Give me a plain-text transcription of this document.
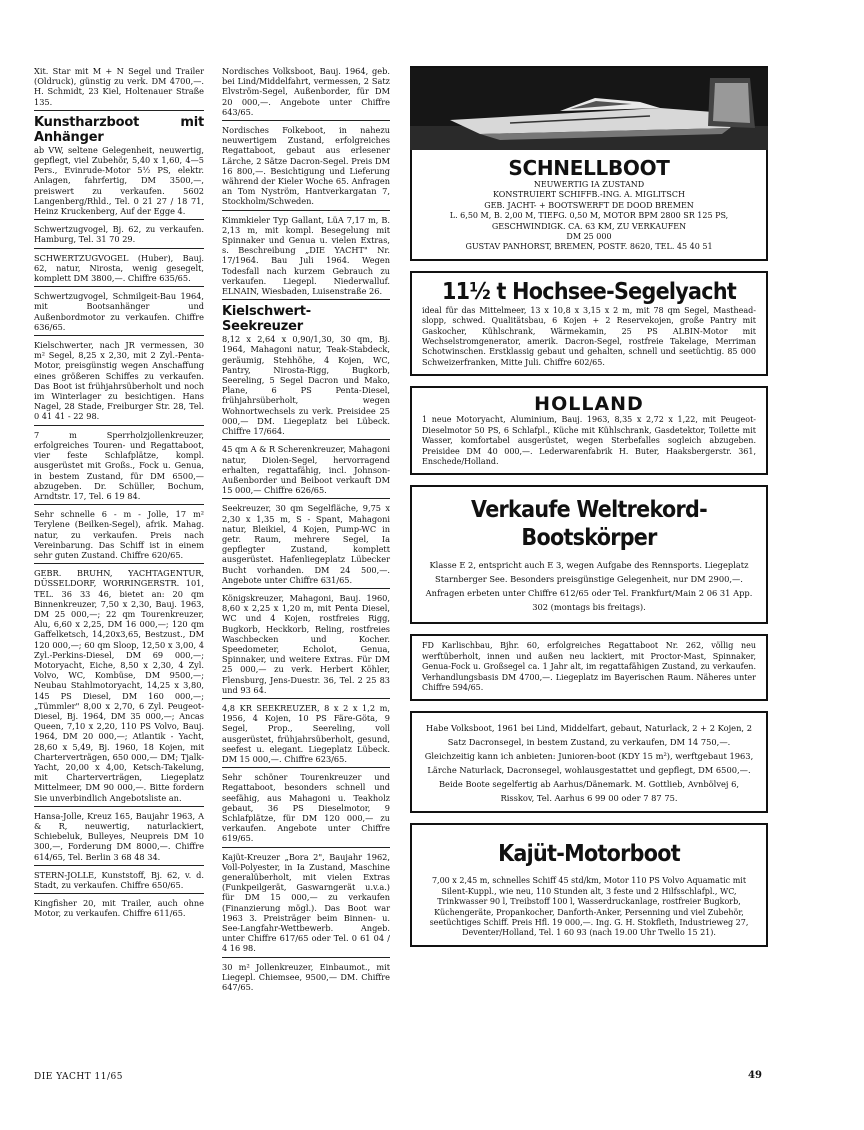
Xit. Star mit M + N Segel und Trailer (Oldruck), günstig zu verk. DM 4700,—. H. Schmidt, 23 Kiel, Holtenauer Straße 135.
Kunstharzboot mit Anhänger
ab VW, seltene Gelegenheit, neuwertig, gepflegt, viel Zubehör, 5,40 x 1,60, 4—5 Pers., Evinrude-Motor 5½ PS, elektr. Anlagen, fahrfertig, DM 3500,—, preiswert zu verkaufen. 5602 Langenberg/Rhld., Tel. 0 21 27 / 18 71, Heinz Kruckenberg, Auf der Egge 4.
Schwertzugvogel, Bj. 62, zu verkaufen. Hamburg, Tel. 31 70 29.
SCHWERTZUGVOGEL (Huber), Bauj. 62, natur, Nirosta, wenig gesegelt, komplett DM 3800,—. Chiffre 635/65.
Schwertzugvogel, Schmilgeit-Bau 1964, mit Bootsanhänger und Außenbordmotor zu verkaufen. Chiffre 636/65.
Kielschwerter, nach JR vermessen, 30 m² Segel, 8,25 x 2,30, mit 2 Zyl.-Penta-Motor, preisgünstig wegen Anschaffung eines größeren Schiffes zu verkaufen. Das Boot ist frühjahrsüberholt und noch im Winterlager zu besichtigen. Hans Nagel, 28 Stade, Freiburger Str. 28, Tel. 0 41 41 - 22 98.
7 m Sperrholzjollenkreuzer, erfolgreiches Touren- und Regattaboot, vier feste Schlafplätze, kompl. ausgerüstet mit Großs., Fock u. Genua, in bestem Zustand, für DM 6500,— abzugeben. Dr. Schüller, Bochum, Arndtstr. 17, Tel. 6 19 84.
Sehr schnelle 6 - m - Jolle, 17 m² Terylene (Beilken-Segel), afrik. Mahag. natur, zu verkaufen. Preis nach Vereinbarung. Das Schiff ist in einem sehr guten Zustand. Chiffre 620/65.
GEBR. BRUHN, YACHTAGENTUR, DÜSSELDORF, WORRINGERSTR. 101, TEL. 36 33 46, bietet an: 20 qm Binnenkreuzer, 7,50 x 2,30, Bauj. 1963, DM 25 000,—; 22 qm Tourenkreuzer, Alu, 6,60 x 2,25, DM 16 000,—; 120 qm Gaffelketsch, 14,20x3,65, Bestzust., DM 120 000,—; 60 qm Sloop, 12,50 x 3,00, 4 Zyl.-Perkins-Diesel, DM 69 000,—; Motoryacht, Eiche, 8,50 x 2,30, 4 Zyl. Volvo, WC, Kombüse, DM 9500,—; Neubau Stahlmotoryacht, 14,25 x 3,80, 145 PS Diesel, DM 160 000,—; „Tümmler" 8,00 x 2,70, 6 Zyl. Peugeot-Diesel, Bj. 1964, DM 35 000,—; Ancas Queen, 7,10 x 2,20, 110 PS Volvo, Bauj. 1964, DM 20 000,—; Atlantik - Yacht, 28,60 x 5,49, Bj. 1960, 18 Kojen, mit Charterverträgen, 650 000,— DM; Tjalk-Yacht, 20,00 x 4,00, Ketsch-Takelung, mit Charterverträgen, Liegeplatz Mittelmeer, DM 90 000,—. Bitte fordern Sie unverbindlich Angebotsliste an.
Hansa-Jolle, Kreuz 165, Baujahr 1963, A & R, neuwertig, naturlackiert, Schiebeluk, Bulleyes, Neupreis DM 10 300,—, Forderung DM 8000,—. Chiffre 614/65, Tel. Berlin 3 68 48 34.
STERN-JOLLE, Kunststoff, Bj. 62, v. d. Stadt, zu verkaufen. Chiffre 650/65.
Kingfisher 20, mit Trailer, auch ohne Motor, zu verkaufen. Chiffre 611/65.
Nordisches Volksboot, Bauj. 1964, geb. bei Lind/Middelfahrt, vermessen, 2 Satz Elvström-Segel, Außenborder, für DM 20 000,—. Angebote unter Chiffre 643/65.
Nordisches Folkeboot, in nahezu neuwertigem Zustand, erfolgreiches Regattaboot, gebaut aus erlesener Lärche, 2 Sätze Dacron-Segel. Preis DM 16 800,—. Besichtigung und Lieferung während der Kieler Woche 65. Anfragen an Tom Nyström, Hantverkargatan 7, Stockholm/Schweden.
Kimmkieler Typ Gallant, LüA 7,17 m, B. 2,13 m, mit kompl. Besegelung mit Spinnaker und Genua u. vielen Extras, s. Beschreibung „DIE YACHT" Nr. 17/1964. Bau Juli 1964. Wegen Todesfall nach kurzem Gebrauch zu verkaufen. Liegepl. Niederwalluf. ELNAIN, Wiesbaden, Luisenstraße 26.
Kielschwert-Seekreuzer
8,12 x 2,64 x 0,90/1,30, 30 qm, Bj. 1964, Mahagoni natur, Teak-Stabdeck, geräumig, Stehhöhe, 4 Kojen, WC, Pantry, Nirosta-Rigg, Bugkorb, Seereling, 5 Segel Dacron und Mako, Plane, 6 PS Penta-Diesel, frühjahrsüberholt, wegen Wohnortwechsels zu verk. Preisidee 25 000,— DM. Liegeplatz bei Lübeck. Chiffre 17/664.
45 qm A & R Scherenkreuzer, Mahagoni natur, Diolen-Segel, hervorragend erhalten, regattafähig, incl. Johnson-Außenborder und Beiboot verkauft DM 15 000,— Chiffre 626/65.
Seekreuzer, 30 qm Segelfläche, 9,75 x 2,30 x 1,35 m, S - Spant, Mahagoni natur, Bleikiel, 4 Kojen, Pump-WC in getr. Raum, mehrere Segel, Ia gepflegter Zustand, komplett ausgerüstet. Hafenliegeplatz Lübecker Bucht vorhanden. DM 24 500,—. Angebote unter Chiffre 631/65.
Königskreuzer, Mahagoni, Bauj. 1960, 8,60 x 2,25 x 1,20 m, mit Penta Diesel, WC und 4 Kojen, rostfreies Rigg, Bugkorb, Heckkorb, Reling, rostfreies Waschbecken und Kocher. Speedometer, Echolot, Genua, Spinnaker, und weitere Extras. Für DM 25 000,— zu verk. Herbert Köhler, Flensburg, Jens-Duestr. 36, Tel. 2 25 83 und 93 64.
4,8 KR SEEKREUZER, 8 x 2 x 1,2 m, 1956, 4 Kojen, 10 PS Färe-Göta, 9 Segel, Prop., Seereling, voll ausgerüstet, frühjahrsüberholt, gesund, seefest u. elegant. Liegeplatz Lübeck. DM 15 000,—. Chiffre 623/65.
Sehr schöner Tourenkreuzer und Regattaboot, besonders schnell und seefähig, aus Mahagoni u. Teakholz gebaut, 36 PS Dieselmotor, 9 Schlafplätze, für DM 120 000,— zu verkaufen. Angebote unter Chiffre 619/65.
Kajüt-Kreuzer „Bora 2", Baujahr 1962, Voll-Polyester, in Ia Zustand, Maschine generalüberholt, mit vielen Extras (Funkpeilgerät, Gaswarngerät u.v.a.) für DM 15 000,— zu verkaufen (Finanzierung mögl.). Das Boot war 1963 3. Preisträger beim Binnen- u. See-Langfahr-Wettbewerb. Angeb. unter Chiffre 617/65 oder Tel. 0 61 04 / 4 16 98.
30 m² Jollenkreuzer, Einbaumot., mit Liegepl. Chiemsee, 9500,— DM. Chiffre 647/65.
SCHNELLBOOT
NEUWERTIG IA ZUSTAND
KONSTRUIERT SCHIFFB.-ING. A. MIGLITSCH
GEB. JACHT- + BOOTSWERFT DE DOOD BREMEN
L. 6,50 M, B. 2,00 M, TIEFG. 0,50 M, MOTOR BPM 2800 SR 125 PS, GESCHWINDIGK. CA. 63 KM, ZU VERKAUFEN
DM 25 000
GUSTAV PANHORST, BREMEN, POSTF. 8620, TEL. 45 40 51
11½ t Hochsee-Segelyacht
ideal für das Mittelmeer, 13 x 10,8 x 3,15 x 2 m, mit 78 qm Segel, Masthead-slopp, schwed. Qualitätsbau, 6 Kojen + 2 Reservekojen, große Pantry mit Gaskocher, Kühlschrank, Wärmekamin, 25 PS ALBIN-Motor mit Wechselstromgenerator, amerik. Dacron-Segel, rostfreie Takelage, Merriman Schotwinschen. Erstklassig gebaut und gehalten, schnell und seetüchtig. 85 000 Schweizerfranken, Mitte Juli. Chiffre 602/65.
HOLLAND
1 neue Motoryacht, Aluminium, Bauj. 1963, 8,35 x 2,72 x 1,22, mit Peugeot-Dieselmotor 50 PS, 6 Schlafpl., Küche mit Kühlschrank, Gasdetektor, Toilette mit Wasser, komfortabel ausgerüstet, wegen Sterbefalles sogleich abzugeben. Preisidee DM 40 000,—. Lederwarenfabrik H. Buter, Haaksbergerstr. 361, Enschede/Holland.
Verkaufe Weltrekord-Bootskörper
Klasse E 2, entspricht auch E 3, wegen Aufgabe des Rennsports. Liegeplatz Starnberger See. Besonders preisgünstige Gelegenheit, nur DM 2900,—. Anfragen erbeten unter Chiffre 612/65 oder Tel. Frankfurt/Main 2 06 31 App. 302 (montags bis freitags).
FD Karlischbau, Bjhr. 60, erfolgreiches Regattaboot Nr. 262, völlig neu werftüberholt, innen und außen neu lackiert, mit Proctor-Mast, Spinnaker, Genua-Fock u. Großsegel ca. 1 Jahr alt, im regattafähigen Zustand, zu verkaufen. Verhandlungsbasis DM 4700,—. Liegeplatz im Bayerischen Raum. Näheres unter Chiffre 594/65.
Habe Volksboot, 1961 bei Lind, Middelfart, gebaut, Naturlack, 2 + 2 Kojen, 2 Satz Dacronsegel, in bestem Zustand, zu verkaufen, DM 14 750,—. Gleichzeitig kann ich anbieten: Junioren-boot (KDY 15 m²), werftgebaut 1963, Lärche Naturlack, Dacronsegel, wohlausgestattet und gepflegt, DM 6500,—. Beide Boote segelfertig ab Aarhus/Dänemark. M. Gottlieb, Avnbölvej 6, Risskov, Tel. Aarhus 6 99 00 oder 7 87 75.
Kajüt-Motorboot
7,00 x 2,45 m, schnelles Schiff 45 std/km, Motor 110 PS Volvo Aquamatic mit Silent-Kuppl., wie neu, 110 Stunden alt, 3 feste und 2 Hilfsschlafpl., WC, Trinkwasser 90 l, Treibstoff 100 l, Wasserdruckanlage, rostfreier Bugkorb, Küchengeräte, Propankocher, Danforth-Anker, Persenning und viel Zubehör, seetüchtiges Schiff. Preis Hfl. 19 000,—. Ing. G. H. Stokfleth, Industrieweg 27, Deventer/Holland, Tel. 1 60 93 (nach 19.00 Uhr Twello 15 21).
DIE YACHT 11/65	49
